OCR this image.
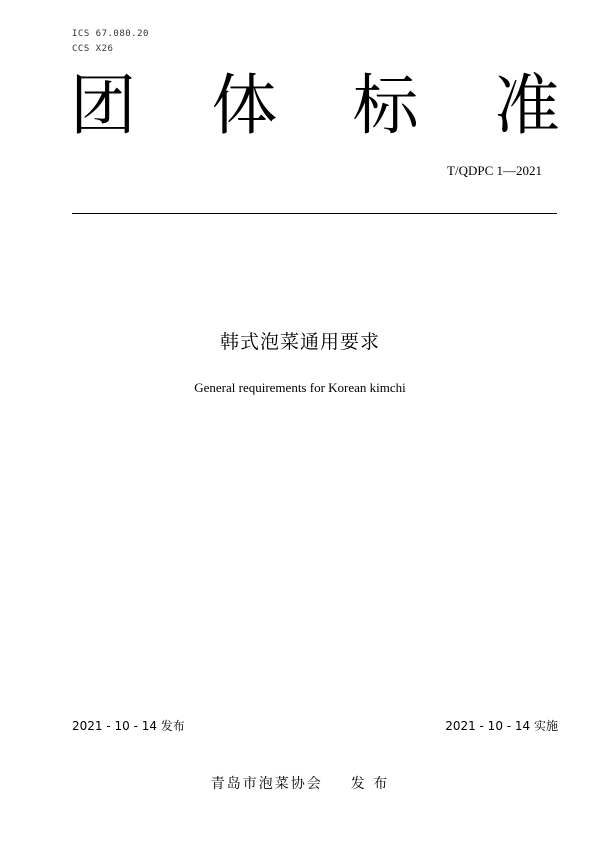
ICS 67.080.20
CCS X26
团 体 标 准
T/QDPC 1—2021
韩式泡菜通用要求
General requirements for Korean kimchi
2021 - 10 - 14 发布	2021 - 10 - 14 实施
青岛市泡菜协会 发 布
